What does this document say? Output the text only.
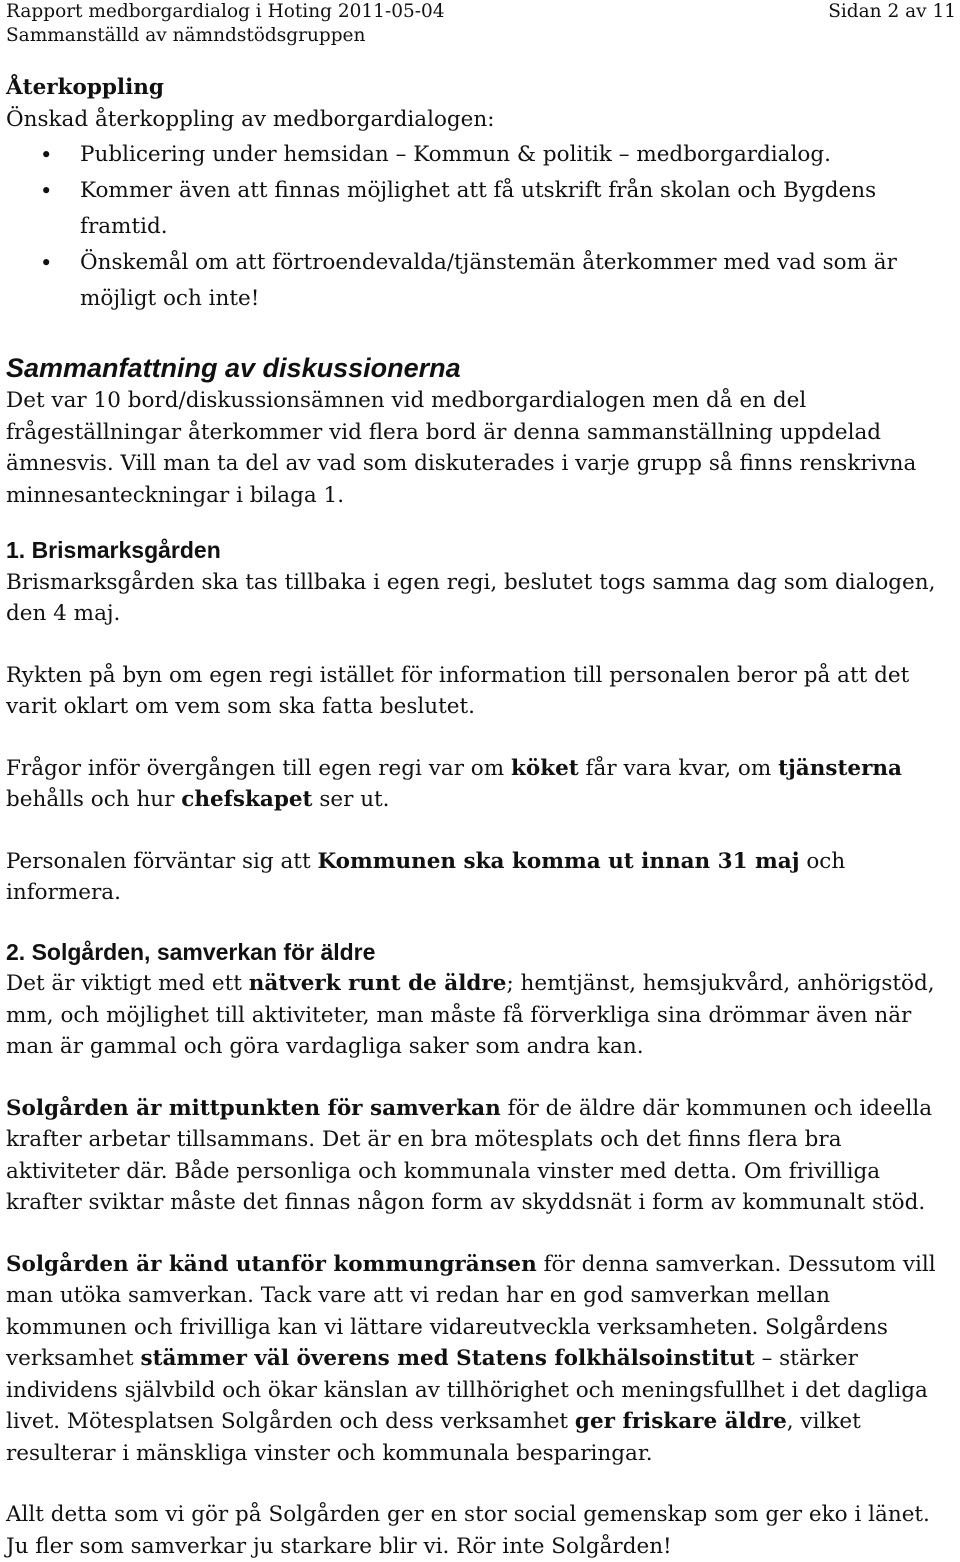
Rapport medborgardialog i Hoting 2011-05-04	Sidan 2 av 11
Sammanställd av nämndstödsgruppen
Återkoppling

Önskad återkoppling av medborgardialogen:

• Publicering under hemsidan – Kommun & politik – medborgardialog.
• Kommer även att finnas möjlighet att få utskrift från skolan och Bygdens framtid.
• Önskemål om att förtroendevalda/tjänstemän återkommer med vad som är möjligt och inte!
Sammanfattning av diskussionerna

Det var 10 bord/diskussionsämnen vid medborgardialogen men då en del frågeställningar återkommer vid flera bord är denna sammanställning uppdelad ämnesvis. Vill man ta del av vad som diskuterades i varje grupp så finns renskrivna minnesanteckningar i bilaga 1.

1. Brismarksgården

Brismarksgården ska tas tillbaka i egen regi, beslutet togs samma dag som dialogen, den 4 maj.

Rykten på byn om egen regi istället för information till personalen beror på att det varit oklart om vem som ska fatta beslutet.

Frågor inför övergången till egen regi var om köket får vara kvar, om tjänsterna behålls och hur chefskapet ser ut.

Personalen förväntar sig att Kommunen ska komma ut innan 31 maj och informera.

2. Solgården, samverkan för äldre

Det är viktigt med ett nätverk runt de äldre; hemtjänst, hemsjukvård, anhörigstöd, mm, och möjlighet till aktiviteter, man måste få förverkliga sina drömmar även när man är gammal och göra vardagliga saker som andra kan.

Solgården är mittpunkten för samverkan för de äldre där kommunen och ideella krafter arbetar tillsammans. Det är en bra mötesplats och det finns flera bra aktiviteter där. Både personliga och kommunala vinster med detta. Om frivilliga krafter sviktar måste det finnas någon form av skyddsnät i form av kommunalt stöd.

Solgården är känd utanför kommungränsen för denna samverkan. Dessutom vill man utöka samverkan. Tack vare att vi redan har en god samverkan mellan kommunen och frivilliga kan vi lättare vidareutveckla verksamheten. Solgårdens verksamhet stämmer väl överens med Statens folkhälsoinstitut – stärker individens självbild och ökar känslan av tillhörighet och meningsfullhet i det dagliga livet. Mötesplatsen Solgården och dess verksamhet ger friskare äldre, vilket resulterar i mänskliga vinster och kommunala besparingar.

Allt detta som vi gör på Solgården ger en stor social gemenskap som ger eko i länet. Ju fler som samverkar ju starkare blir vi. Rör inte Solgården!
